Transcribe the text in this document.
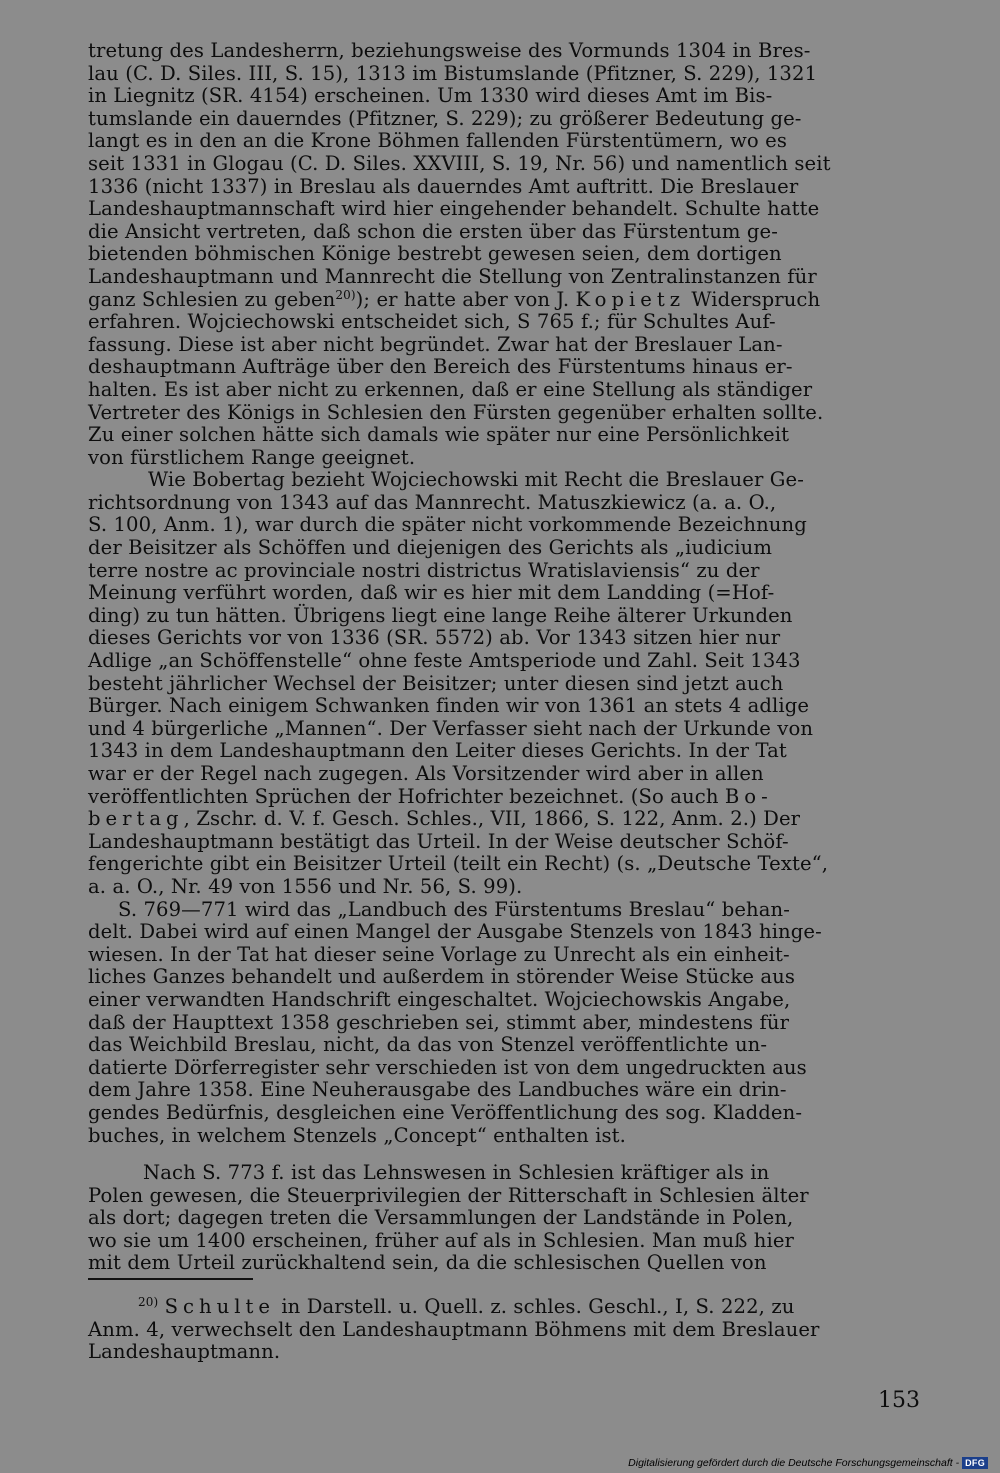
tretung des Landesherrn, beziehungsweise des Vormunds 1304 in Bres-
lau (C. D. Siles. III, S. 15), 1313 im Bistumslande (Pfitzner, S. 229), 1321
in Liegnitz (SR. 4154) erscheinen. Um 1330 wird dieses Amt im Bis-
tumslande ein dauerndes (Pfitzner, S. 229); zu größerer Bedeutung ge-
langt es in den an die Krone Böhmen fallenden Fürstentümern, wo es
seit 1331 in Glogau (C. D. Siles. XXVIII, S. 19, Nr. 56) und namentlich seit
1336 (nicht 1337) in Breslau als dauerndes Amt auftritt. Die Breslauer
Landeshauptmannschaft wird hier eingehender behandelt. Schulte hatte
die Ansicht vertreten, daß schon die ersten über das Fürstentum ge-
bietenden böhmischen Könige bestrebt gewesen seien, dem dortigen
Landeshauptmann und Mannrecht die Stellung von Zentralinstanzen für
ganz Schlesien zu geben$^{20)}$); er hatte aber von J. Kopietz Widerspruch
erfahren. Wojciechowski entscheidet sich, S 765 f.; für Schultes Auf-
fassung. Diese ist aber nicht begründet. Zwar hat der Breslauer Lan-
deshauptmann Aufträge über den Bereich des Fürstentums hinaus er-
halten. Es ist aber nicht zu erkennen, daß er eine Stellung als ständiger
Vertreter des Königs in Schlesien den Fürsten gegenüber erhalten sollte.
Zu einer solchen hätte sich damals wie später nur eine Persönlichkeit
von fürstlichem Range geeignet.
Wie Bobertag bezieht Wojciechowski mit Recht die Breslauer Ge-
richtsordnung von 1343 auf das Mannrecht. Matuszkiewicz (a. a. O.,
S. 100, Anm. 1), war durch die später nicht vorkommende Bezeichnung
der Beisitzer als Schöffen und diejenigen des Gerichts als „iudicium
terre nostre ac provinciale nostri districtus Wratislaviensis“ zu der
Meinung verführt worden, daß wir es hier mit dem Landding (=Hof-
ding) zu tun hätten. Übrigens liegt eine lange Reihe älterer Urkunden
dieses Gerichts vor von 1336 (SR. 5572) ab. Vor 1343 sitzen hier nur
Adlige „an Schöffenstelle“ ohne feste Amtsperiode und Zahl. Seit 1343
besteht jährlicher Wechsel der Beisitzer; unter diesen sind jetzt auch
Bürger. Nach einigem Schwanken finden wir von 1361 an stets 4 adlige
und 4 bürgerliche „Mannen“. Der Verfasser sieht nach der Urkunde von
1343 in dem Landeshauptmann den Leiter dieses Gerichts. In der Tat
war er der Regel nach zugegen. Als Vorsitzender wird aber in allen
veröffentlichten Sprüchen der Hofrichter bezeichnet. (So auch Bo-
bertag, Zschr. d. V. f. Gesch. Schles., VII, 1866, S. 122, Anm. 2.) Der
Landeshauptmann bestätigt das Urteil. In der Weise deutscher Schöf-
fengerichte gibt ein Beisitzer Urteil (teilt ein Recht) (s. „Deutsche Texte“,
a. a. O., Nr. 49 von 1556 und Nr. 56, S. 99).
S. 769—771 wird das „Landbuch des Fürstentums Breslau“ behan-
delt. Dabei wird auf einen Mangel der Ausgabe Stenzels von 1843 hinge-
wiesen. In der Tat hat dieser seine Vorlage zu Unrecht als ein einheit-
liches Ganzes behandelt und außerdem in störender Weise Stücke aus
einer verwandten Handschrift eingeschaltet. Wojciechowskis Angabe,
daß der Haupttext 1358 geschrieben sei, stimmt aber, mindestens für
das Weichbild Breslau, nicht, da das von Stenzel veröffentlichte un-
datierte Dörferregister sehr verschieden ist von dem ungedruckten aus
dem Jahre 1358. Eine Neuherausgabe des Landbuches wäre ein drin-
gendes Bedürfnis, desgleichen eine Veröffentlichung des sog. Kladden-
buches, in welchem Stenzels „Concept“ enthalten ist.
Nach S. 773 f. ist das Lehnswesen in Schlesien kräftiger als in
Polen gewesen, die Steuerprivilegien der Ritterschaft in Schlesien älter
als dort; dagegen treten die Versammlungen der Landstände in Polen,
wo sie um 1400 erscheinen, früher auf als in Schlesien. Man muß hier
mit dem Urteil zurückhaltend sein, da die schlesischen Quellen von
$^{20)}$ Schulte in Darstell. u. Quell. z. schles. Geschl., I, S. 222, zu
Anm. 4, verwechselt den Landeshauptmann Böhmens mit dem Breslauer
Landeshauptmann.
153
Digitalisierung gefördert durch die Deutsche Forschungsgemeinschaft - DFG
